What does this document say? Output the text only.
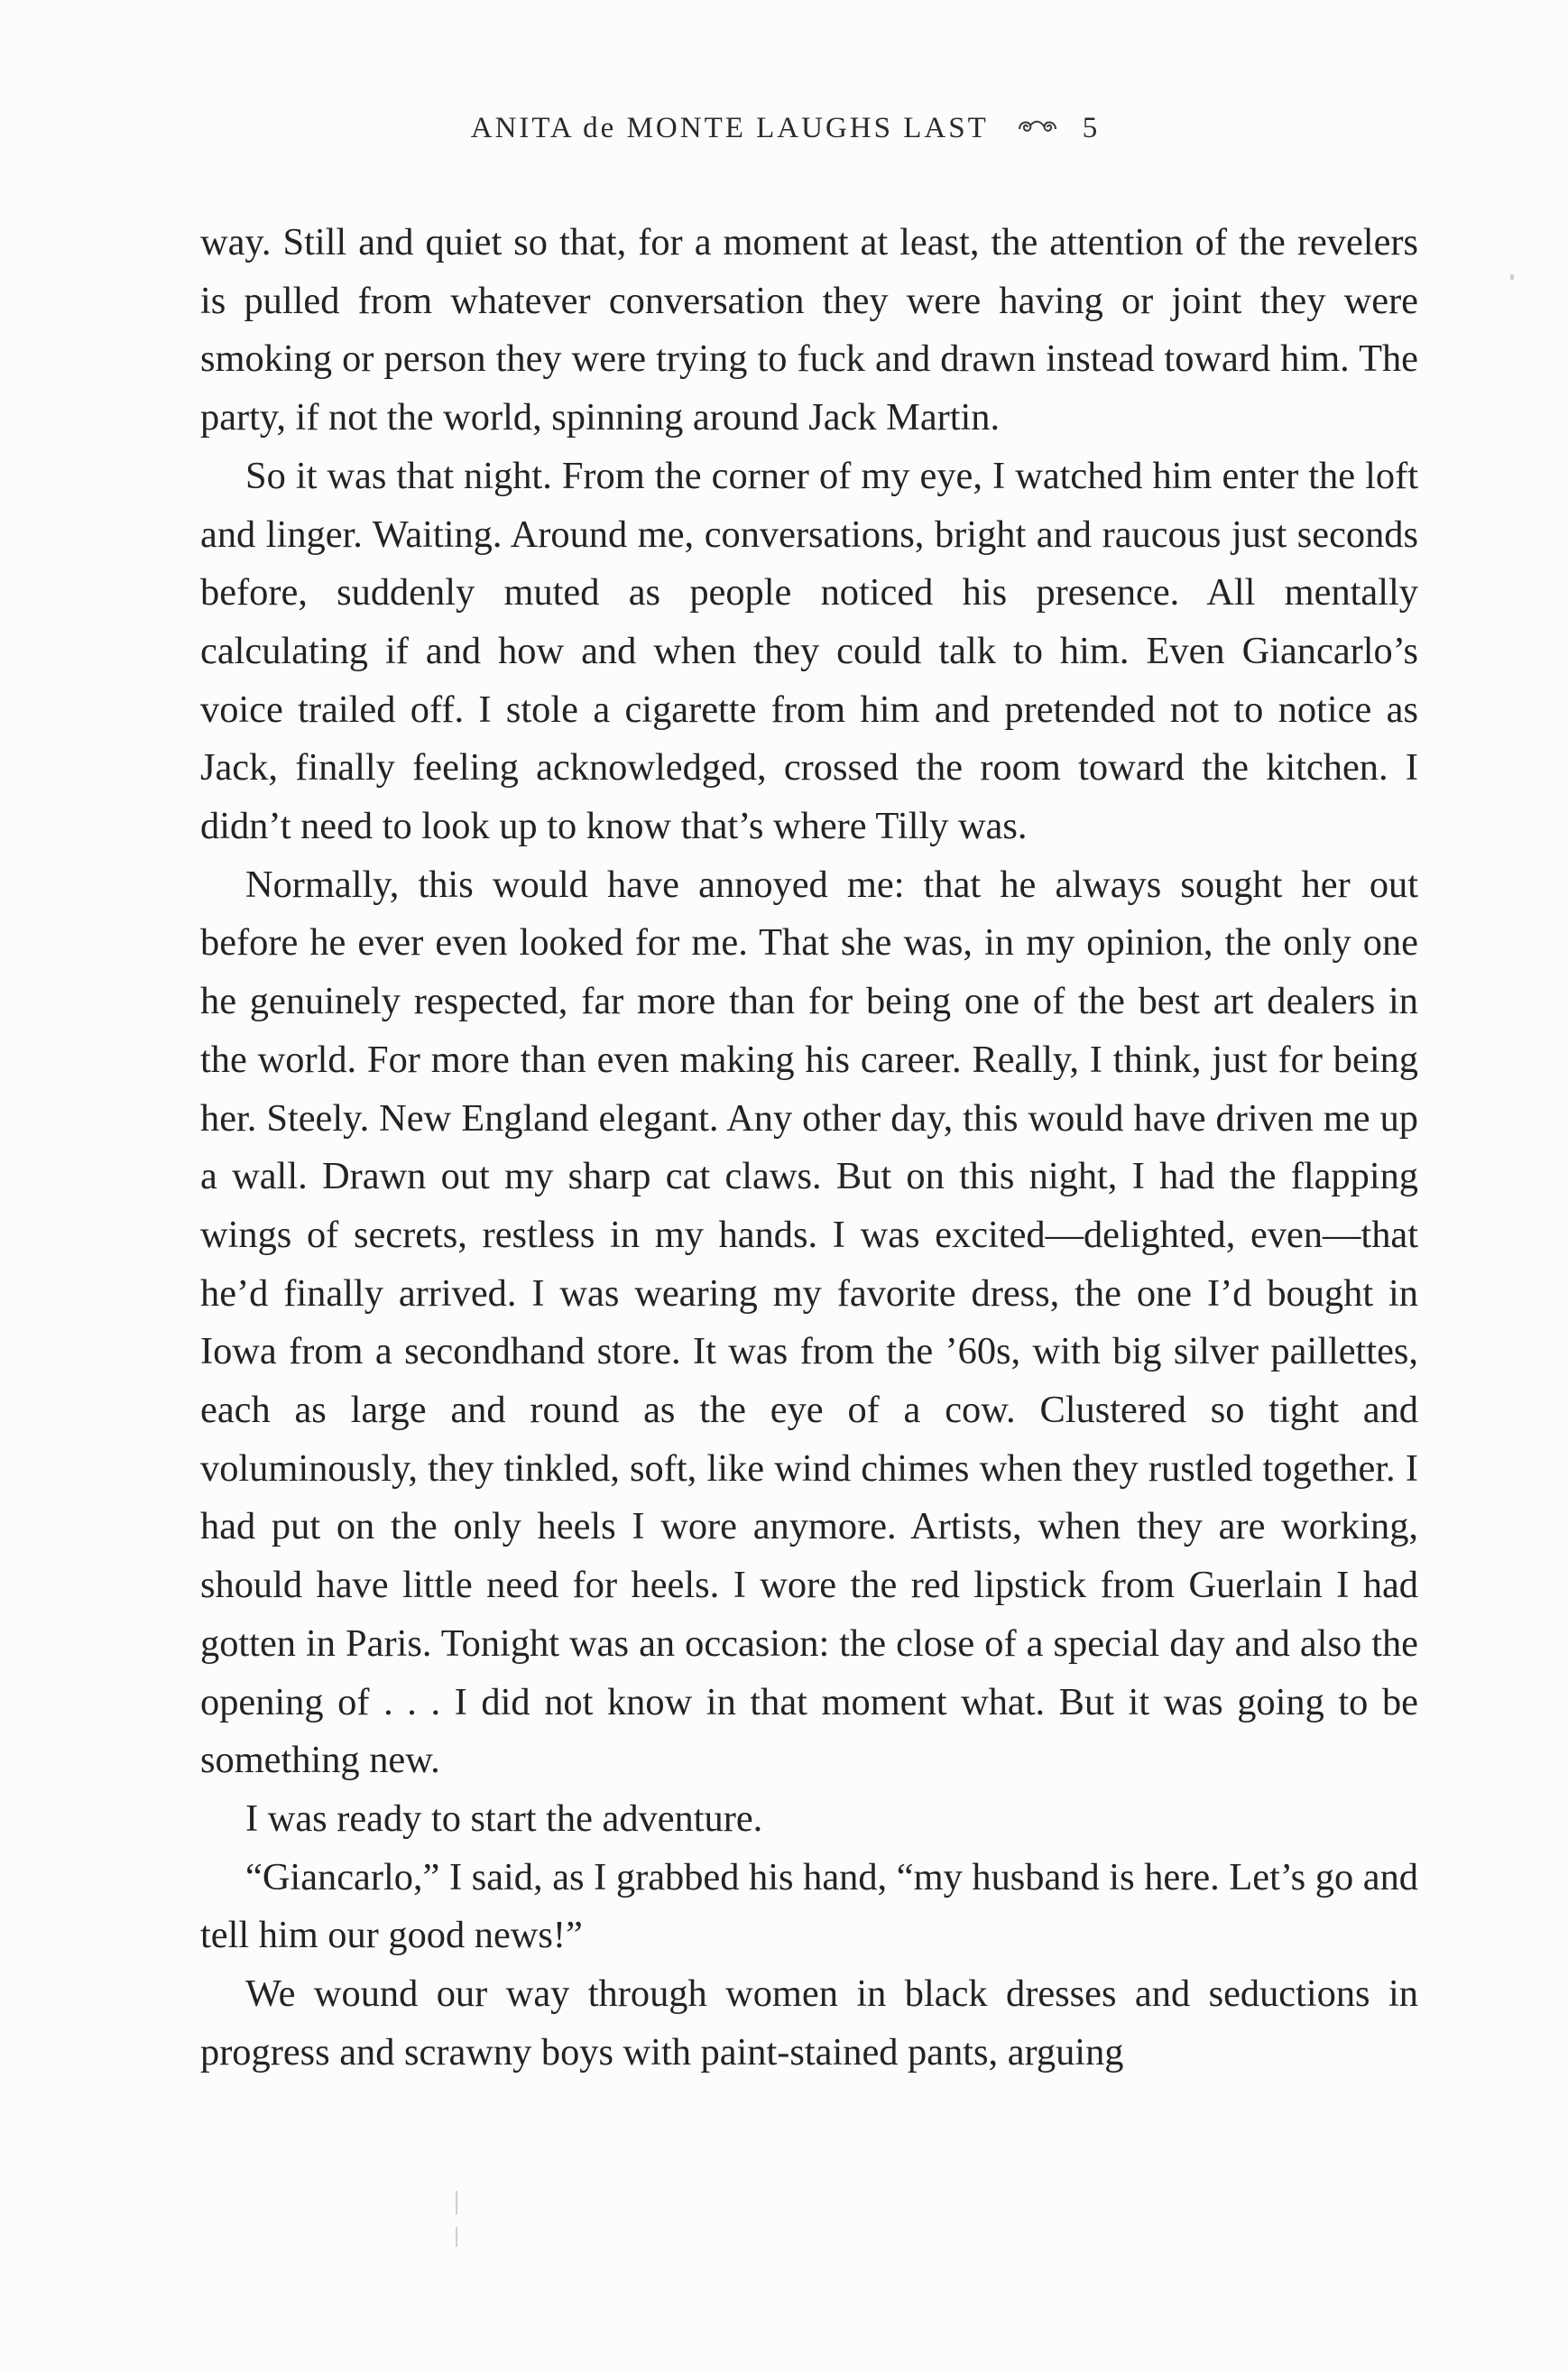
ANITA de MONTE LAUGHS LAST	5

way. Still and quiet so that, for a moment at least, the attention of the revelers is pulled from whatever conversation they were having or joint they were smoking or person they were trying to fuck and drawn instead toward him. The party, if not the world, spinning around Jack Martin.

So it was that night. From the corner of my eye, I watched him enter the loft and linger. Waiting. Around me, conversations, bright and raucous just seconds before, suddenly muted as people noticed his presence. All mentally calculating if and how and when they could talk to him. Even Giancarlo’s voice trailed off. I stole a cigarette from him and pretended not to notice as Jack, finally feeling acknowledged, crossed the room toward the kitchen. I didn’t need to look up to know that’s where Tilly was.

Normally, this would have annoyed me: that he always sought her out before he ever even looked for me. That she was, in my opinion, the only one he genuinely respected, far more than for being one of the best art dealers in the world. For more than even making his career. Really, I think, just for being her. Steely. New England elegant. Any other day, this would have driven me up a wall. Drawn out my sharp cat claws. But on this night, I had the flapping wings of secrets, restless in my hands. I was excited—delighted, even—that he’d finally arrived. I was wearing my favorite dress, the one I’d bought in Iowa from a secondhand store. It was from the ’60s, with big silver paillettes, each as large and round as the eye of a cow. Clustered so tight and voluminously, they tinkled, soft, like wind chimes when they rustled together. I had put on the only heels I wore anymore. Artists, when they are working, should have little need for heels. I wore the red lipstick from Guerlain I had gotten in Paris. Tonight was an occasion: the close of a special day and also the opening of . . . I did not know in that moment what. But it was going to be something new.

I was ready to start the adventure.

“Giancarlo,” I said, as I grabbed his hand, “my husband is here. Let’s go and tell him our good news!”

We wound our way through women in black dresses and seductions in progress and scrawny boys with paint-stained pants, arguing
